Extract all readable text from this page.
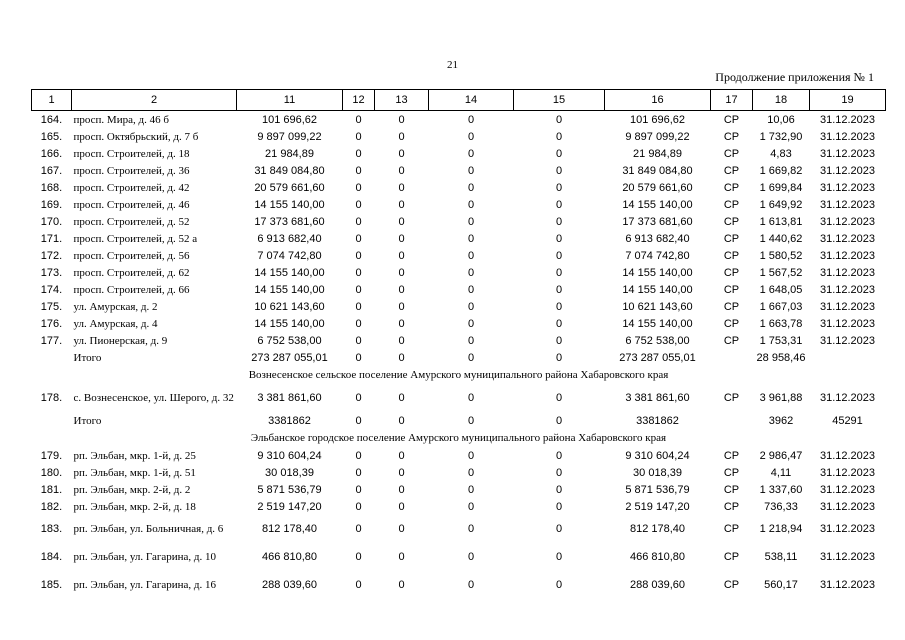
21
Продолжение приложения № 1
1	2	11	12	13	14	15	16	17	18	19
164.	просп. Мира, д. 46 б	101 696,62	0	0	0	0	101 696,62	СР	10,06	31.12.2023
165.	просп. Октябрьский, д. 7 б	9 897 099,22	0	0	0	0	9 897 099,22	СР	1 732,90	31.12.2023
166.	просп. Строителей, д. 18	21 984,89	0	0	0	0	21 984,89	СР	4,83	31.12.2023
167.	просп. Строителей, д. 36	31 849 084,80	0	0	0	0	31 849 084,80	СР	1 669,82	31.12.2023
168.	просп. Строителей, д. 42	20 579 661,60	0	0	0	0	20 579 661,60	СР	1 699,84	31.12.2023
169.	просп. Строителей, д. 46	14 155 140,00	0	0	0	0	14 155 140,00	СР	1 649,92	31.12.2023
170.	просп. Строителей, д. 52	17 373 681,60	0	0	0	0	17 373 681,60	СР	1 613,81	31.12.2023
171.	просп. Строителей, д. 52 а	6 913 682,40	0	0	0	0	6 913 682,40	СР	1 440,62	31.12.2023
172.	просп. Строителей, д. 56	7 074 742,80	0	0	0	0	7 074 742,80	СР	1 580,52	31.12.2023
173.	просп. Строителей, д. 62	14 155 140,00	0	0	0	0	14 155 140,00	СР	1 567,52	31.12.2023
174.	просп. Строителей, д. 66	14 155 140,00	0	0	0	0	14 155 140,00	СР	1 648,05	31.12.2023
175.	ул. Амурская, д. 2	10 621 143,60	0	0	0	0	10 621 143,60	СР	1 667,03	31.12.2023
176.	ул. Амурская, д. 4	14 155 140,00	0	0	0	0	14 155 140,00	СР	1 663,78	31.12.2023
177.	ул. Пионерская, д. 9	6 752 538,00	0	0	0	0	6 752 538,00	СР	1 753,31	31.12.2023
	Итого	273 287 055,01	0	0	0	0	273 287 055,01		28 958,46	
Вознесенское сельское поселение Амурского муниципального района Хабаровского края										
178.	с. Вознесенское, ул. Шерого, д. 32	3 381 861,60	0	0	0	0	3 381 861,60	СР	3 961,88	31.12.2023
	Итого	3381862	0	0	0	0	3381862		3962	45291
Эльбанское городское поселение Амурского муниципального района Хабаровского края										
179.	рп. Эльбан, мкр. 1-й, д. 25	9 310 604,24	0	0	0	0	9 310 604,24	СР	2 986,47	31.12.2023
180.	рп. Эльбан, мкр. 1-й, д. 51	30 018,39	0	0	0	0	30 018,39	СР	4,11	31.12.2023
181.	рп. Эльбан, мкр. 2-й, д. 2	5 871 536,79	0	0	0	0	5 871 536,79	СР	1 337,60	31.12.2023
182.	рп. Эльбан, мкр. 2-й, д. 18	2 519 147,20	0	0	0	0	2 519 147,20	СР	736,33	31.12.2023
183.	рп. Эльбан, ул. Больничная, д. 6	812 178,40	0	0	0	0	812 178,40	СР	1 218,94	31.12.2023
184.	рп. Эльбан, ул. Гагарина, д. 10	466 810,80	0	0	0	0	466 810,80	СР	538,11	31.12.2023
185.	рп. Эльбан, ул. Гагарина, д. 16	288 039,60	0	0	0	0	288 039,60	СР	560,17	31.12.2023
